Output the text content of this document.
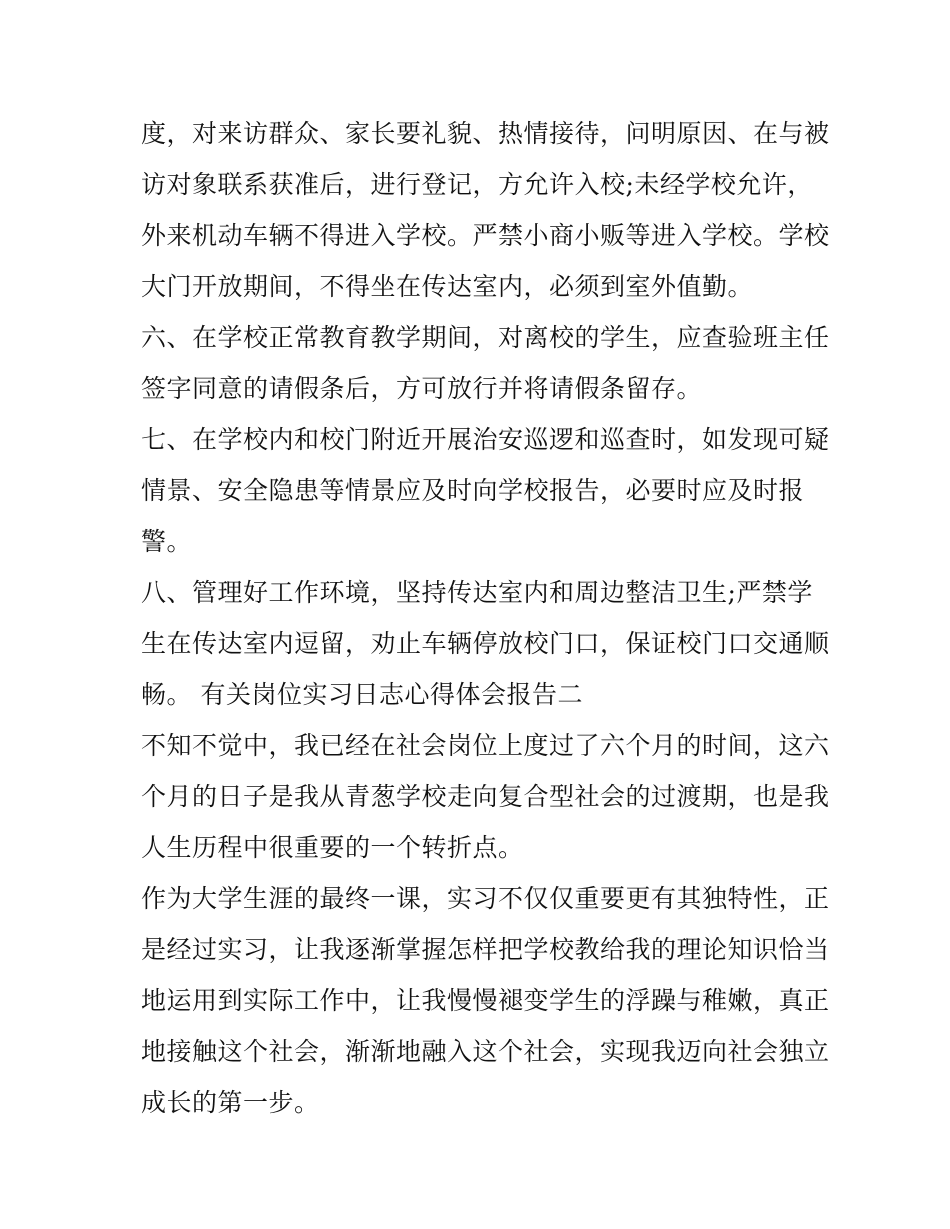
度，对来访群众、家长要礼貌、热情接待，问明原因、在与被
访对象联系获准后，进行登记，方允许入校;未经学校允许，
外来机动车辆不得进入学校。严禁小商小贩等进入学校。学校
大门开放期间，不得坐在传达室内，必须到室外值勤。
六、在学校正常教育教学期间，对离校的学生，应查验班主任
签字同意的请假条后，方可放行并将请假条留存。
七、在学校内和校门附近开展治安巡逻和巡查时，如发现可疑
情景、安全隐患等情景应及时向学校报告，必要时应及时报
警。
八、管理好工作环境，坚持传达室内和周边整洁卫生;严禁学
生在传达室内逗留，劝止车辆停放校门口，保证校门口交通顺
畅。 有关岗位实习日志心得体会报告二
不知不觉中，我已经在社会岗位上度过了六个月的时间，这六
个月的日子是我从青葱学校走向复合型社会的过渡期，也是我
人生历程中很重要的一个转折点。
作为大学生涯的最终一课，实习不仅仅重要更有其独特性，正
是经过实习，让我逐渐掌握怎样把学校教给我的理论知识恰当
地运用到实际工作中，让我慢慢褪变学生的浮躁与稚嫩，真正
地接触这个社会，渐渐地融入这个社会，实现我迈向社会独立
成长的第一步。
